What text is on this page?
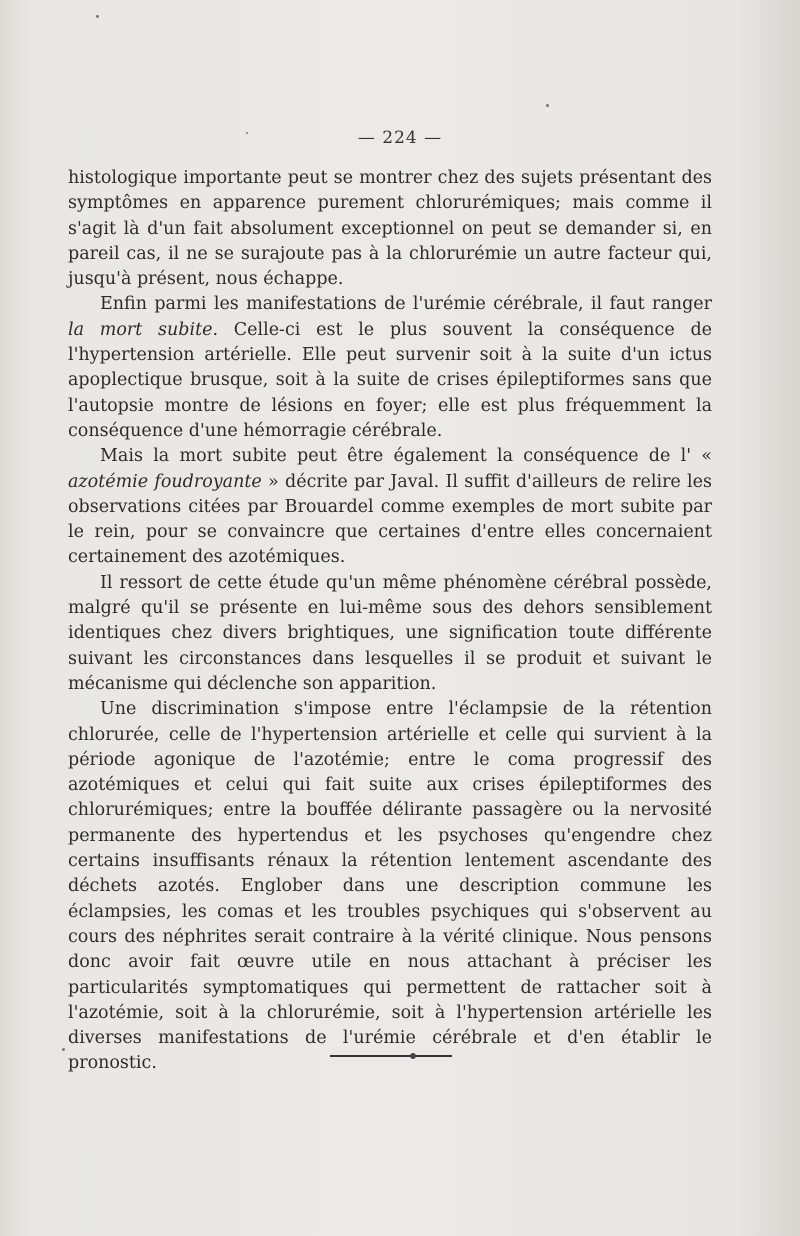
— 224 —

histologique importante peut se montrer chez des sujets présentant des symptômes en apparence purement chlorurémiques; mais comme il s'agit là d'un fait absolument exceptionnel on peut se demander si, en pareil cas, il ne se surajoute pas à la chlorurémie un autre facteur qui, jusqu'à présent, nous échappe.

Enfin parmi les manifestations de l'urémie cérébrale, il faut ranger la mort subite. Celle-ci est le plus souvent la conséquence de l'hypertension artérielle. Elle peut survenir soit à la suite d'un ictus apoplectique brusque, soit à la suite de crises épileptiformes sans que l'autopsie montre de lésions en foyer; elle est plus fréquemment la conséquence d'une hémorragie cérébrale.

Mais la mort subite peut être également la conséquence de l' « azotémie foudroyante » décrite par Javal. Il suffit d'ailleurs de relire les observations citées par Brouardel comme exemples de mort subite par le rein, pour se convaincre que certaines d'entre elles concernaient certainement des azotémiques.

Il ressort de cette étude qu'un même phénomène cérébral possède, malgré qu'il se présente en lui-même sous des dehors sensiblement identiques chez divers brightiques, une signification toute différente suivant les circonstances dans lesquelles il se produit et suivant le mécanisme qui déclenche son apparition.

Une discrimination s'impose entre l'éclampsie de la rétention chlorurée, celle de l'hypertension artérielle et celle qui survient à la période agonique de l'azotémie; entre le coma progressif des azotémiques et celui qui fait suite aux crises épileptiformes des chlorurémiques; entre la bouffée délirante passagère ou la nervosité permanente des hypertendus et les psychoses qu'engendre chez certains insuffisants rénaux la rétention lentement ascendante des déchets azotés. Englober dans une description commune les éclampsies, les comas et les troubles psychiques qui s'observent au cours des néphrites serait contraire à la vérité clinique. Nous pensons donc avoir fait œuvre utile en nous attachant à préciser les particularités symptomatiques qui permettent de rattacher soit à l'azotémie, soit à la chlorurémie, soit à l'hypertension artérielle les diverses manifestations de l'urémie cérébrale et d'en établir le pronostic.
